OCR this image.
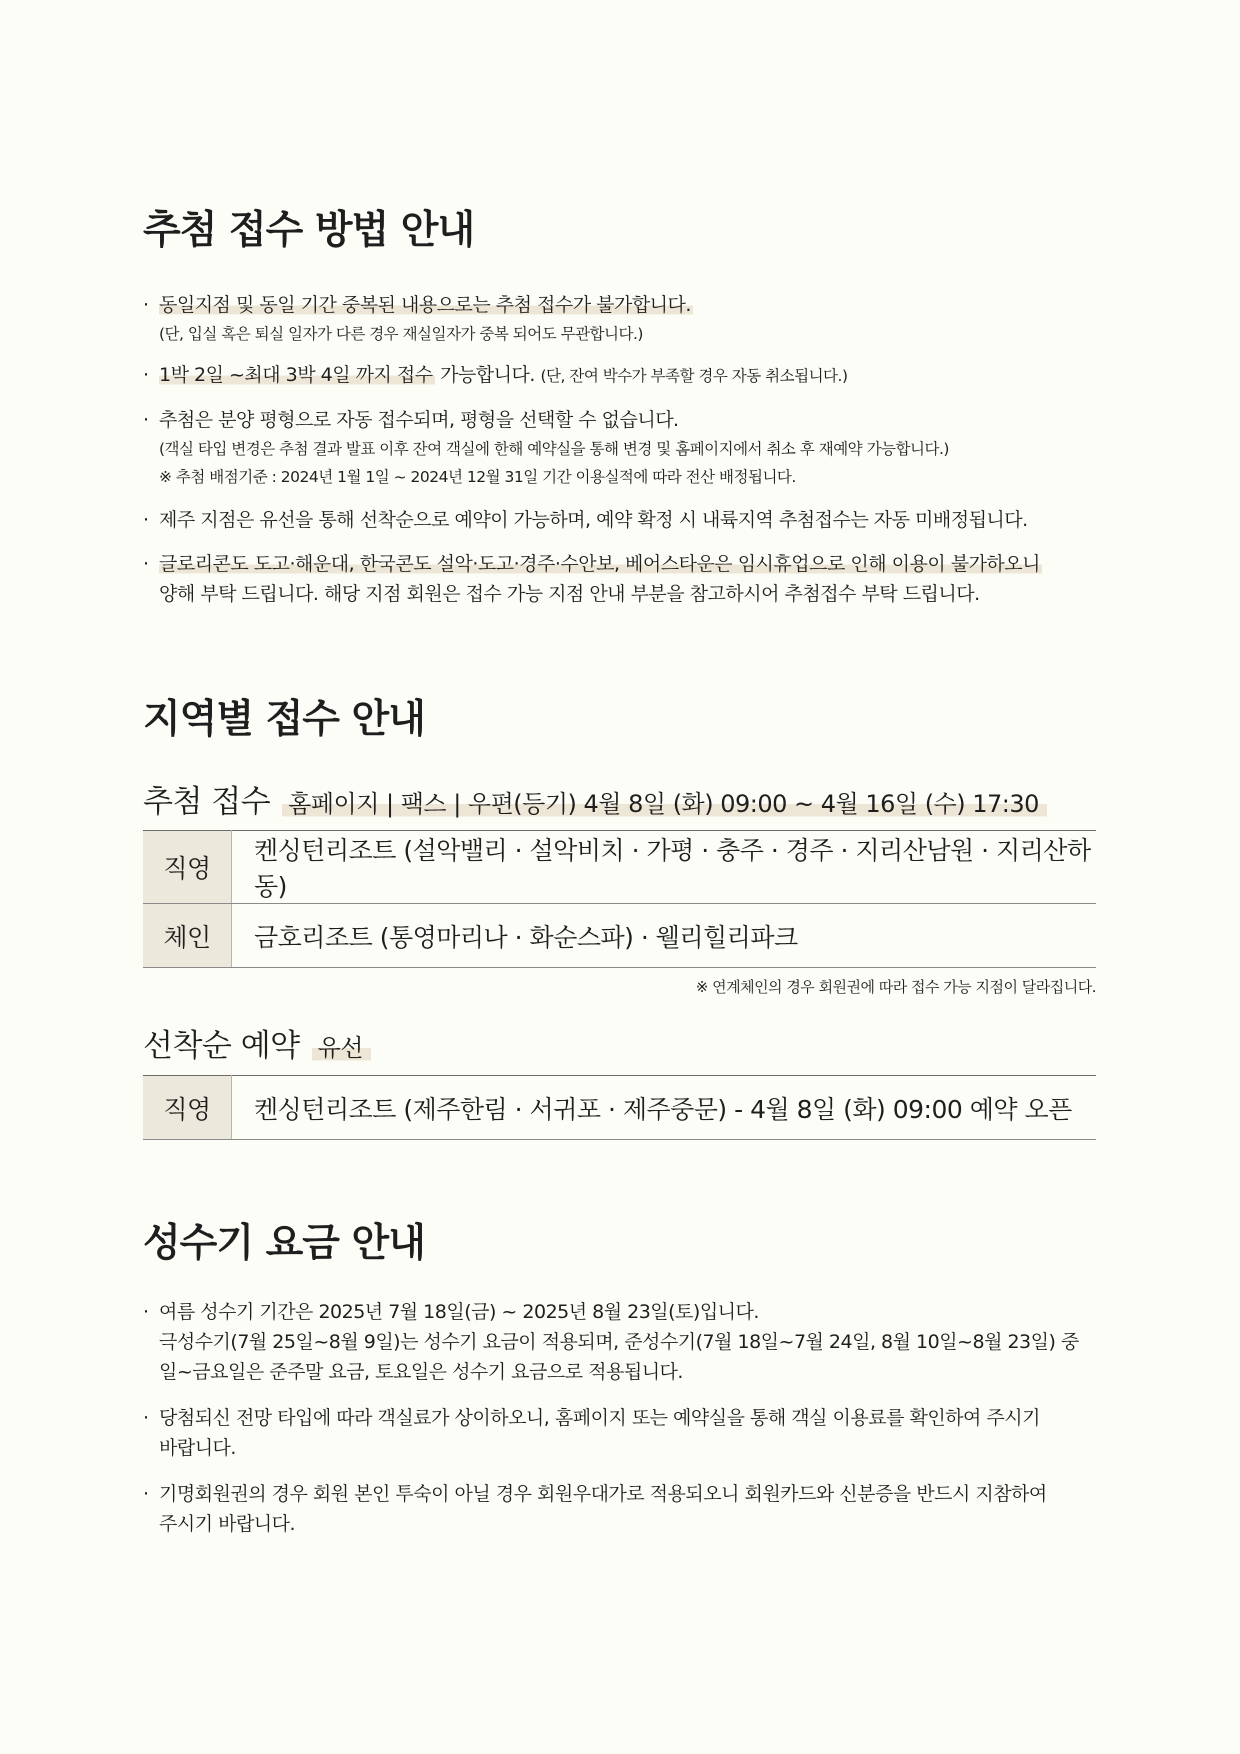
추첨 접수 방법 안내
· 동일지점 및 동일 기간 중복된 내용으로는 추첨 접수가 불가합니다.
(단, 입실 혹은 퇴실 일자가 다른 경우 재실일자가 중복 되어도 무관합니다.)
· 1박 2일 ~최대 3박 4일 까지 접수 가능합니다. (단, 잔여 박수가 부족할 경우 자동 취소됩니다.)
· 추첨은 분양 평형으로 자동 접수되며, 평형을 선택할 수 없습니다.
(객실 타입 변경은 추첨 결과 발표 이후 잔여 객실에 한해 예약실을 통해 변경 및 홈페이지에서 취소 후 재예약 가능합니다.)
※ 추첨 배점기준 : 2024년 1월 1일 ~ 2024년 12월 31일 기간 이용실적에 따라 전산 배정됩니다.
· 제주 지점은 유선을 통해 선착순으로 예약이 가능하며, 예약 확정 시 내륙지역 추첨접수는 자동 미배정됩니다.
· 글로리콘도 도고·해운대, 한국콘도 설악·도고·경주·수안보, 베어스타운은 임시휴업으로 인해 이용이 불가하오니
양해 부탁 드립니다. 해당 지점 회원은 접수 가능 지점 안내 부분을 참고하시어 추첨접수 부탁 드립니다.
지역별 접수 안내
추첨 접수 홈페이지 | 팩스 | 우편(등기) 4월 8일 (화) 09:00 ~ 4월 16일 (수) 17:30
직영	켄싱턴리조트 (설악밸리 · 설악비치 · 가평 · 충주 · 경주 · 지리산남원 · 지리산하동)
체인	금호리조트 (통영마리나 · 화순스파) · 웰리힐리파크
※ 연계체인의 경우 회원권에 따라 접수 가능 지점이 달라집니다.
선착순 예약 유선
직영	켄싱턴리조트 (제주한림 · 서귀포 · 제주중문) - 4월 8일 (화) 09:00 예약 오픈
성수기 요금 안내
· 여름 성수기 기간은 2025년 7월 18일(금) ~ 2025년 8월 23일(토)입니다.
극성수기(7월 25일~8월 9일)는 성수기 요금이 적용되며, 준성수기(7월 18일~7월 24일, 8월 10일~8월 23일) 중
일~금요일은 준주말 요금, 토요일은 성수기 요금으로 적용됩니다.
· 당첨되신 전망 타입에 따라 객실료가 상이하오니, 홈페이지 또는 예약실을 통해 객실 이용료를 확인하여 주시기
바랍니다.
· 기명회원권의 경우 회원 본인 투숙이 아닐 경우 회원우대가로 적용되오니 회원카드와 신분증을 반드시 지참하여
주시기 바랍니다.
